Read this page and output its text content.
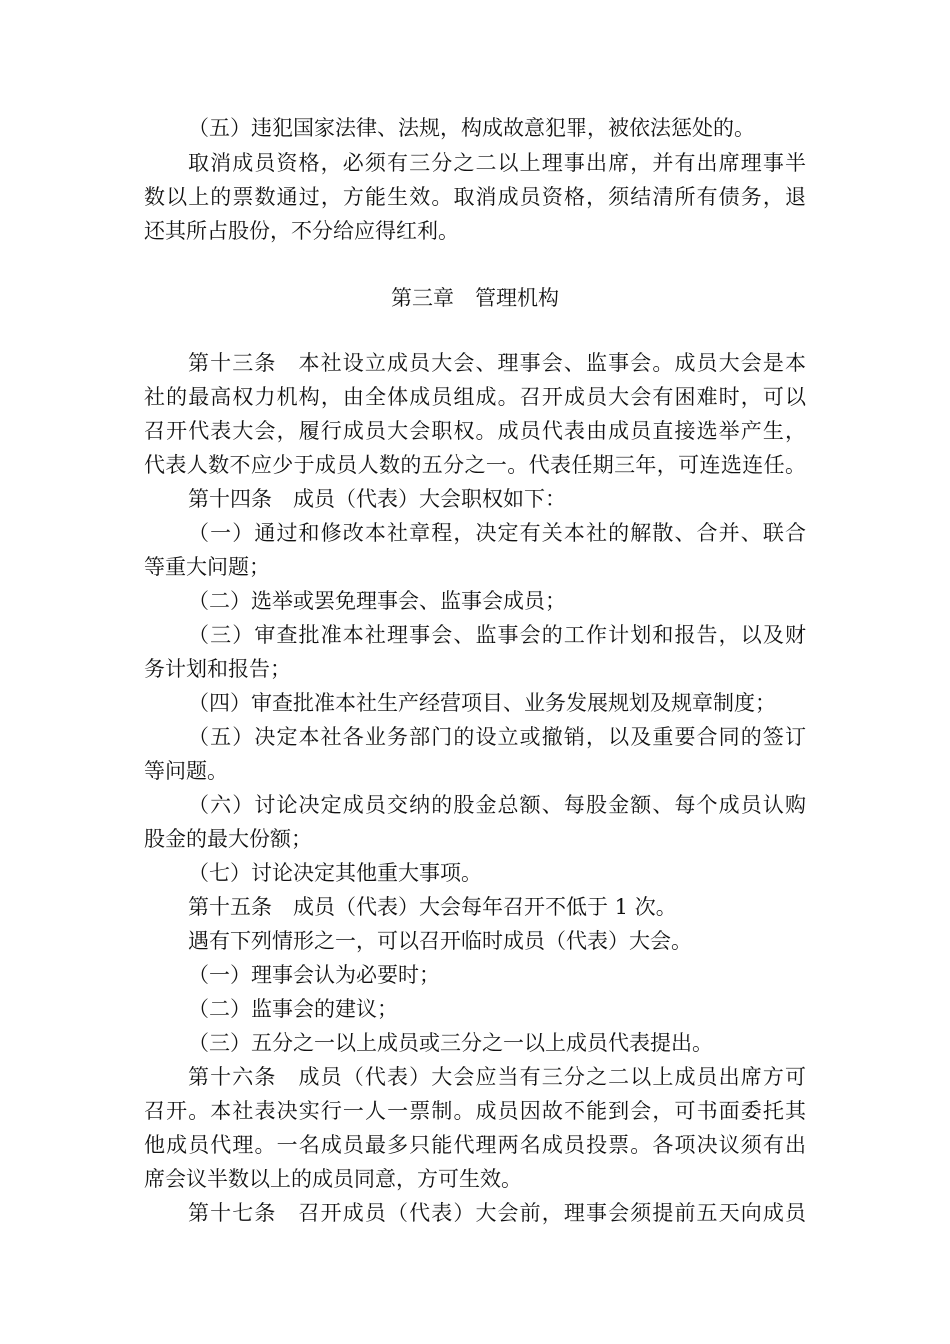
（五）违犯国家法律、法规，构成故意犯罪，被依法惩处的。
取消成员资格，必须有三分之二以上理事出席，并有出席理事半
数以上的票数通过，方能生效。取消成员资格，须结清所有债务，退
还其所占股份，不分给应得红利。
第三章　管理机构
第十三条　本社设立成员大会、理事会、监事会。成员大会是本
社的最高权力机构，由全体成员组成。召开成员大会有困难时，可以
召开代表大会，履行成员大会职权。成员代表由成员直接选举产生，
代表人数不应少于成员人数的五分之一。代表任期三年，可连选连任。
第十四条　成员（代表）大会职权如下：
（一）通过和修改本社章程，决定有关本社的解散、合并、联合
等重大问题；
（二）选举或罢免理事会、监事会成员；
（三）审查批准本社理事会、监事会的工作计划和报告，以及财
务计划和报告；
（四）审查批准本社生产经营项目、业务发展规划及规章制度；
（五）决定本社各业务部门的设立或撤销，以及重要合同的签订
等问题。
（六）讨论决定成员交纳的股金总额、每股金额、每个成员认购
股金的最大份额；
（七）讨论决定其他重大事项。
第十五条　成员（代表）大会每年召开不低于 1 次。
遇有下列情形之一，可以召开临时成员（代表）大会。
（一）理事会认为必要时；
（二）监事会的建议；
（三）五分之一以上成员或三分之一以上成员代表提出。
第十六条　成员（代表）大会应当有三分之二以上成员出席方可
召开。本社表决实行一人一票制。成员因故不能到会，可书面委托其
他成员代理。一名成员最多只能代理两名成员投票。各项决议须有出
席会议半数以上的成员同意，方可生效。
第十七条　召开成员（代表）大会前，理事会须提前五天向成员
